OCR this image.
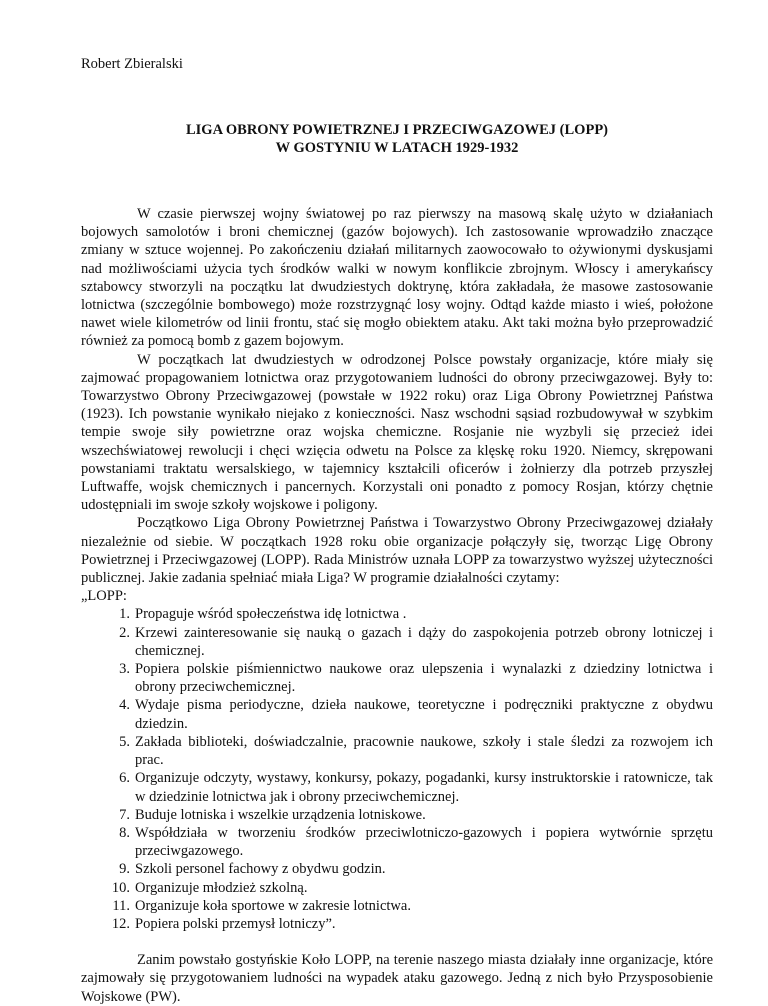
Robert Zbieralski

LIGA OBRONY POWIETRZNEJ I PRZECIWGAZOWEJ (LOPP)
W GOSTYNIU W LATACH 1929-1932

W czasie pierwszej wojny światowej po raz pierwszy na masową skalę użyto w działaniach bojowych samolotów i broni chemicznej (gazów bojowych). Ich zastosowanie wprowadziło znaczące zmiany w sztuce wojennej. Po zakończeniu działań militarnych zaowocowało to ożywionymi dyskusjami nad możliwościami użycia tych środków walki w nowym konflikcie zbrojnym. Włoscy i amerykańscy sztabowcy stworzyli na początku lat dwudziestych doktrynę, która zakładała, że masowe zastosowanie lotnictwa (szczególnie bombowego) może rozstrzygnąć losy wojny. Odtąd każde miasto i wieś, położone nawet wiele kilometrów od linii frontu, stać się mogło obiektem ataku. Akt taki można było przeprowadzić również za pomocą bomb z gazem bojowym.

W początkach lat dwudziestych w odrodzonej Polsce powstały organizacje, które miały się zajmować propagowaniem lotnictwa oraz przygotowaniem ludności do obrony przeciwgazowej. Były to: Towarzystwo Obrony Przeciwgazowej (powstałe w 1922 roku) oraz Liga Obrony Powietrznej Państwa (1923). Ich powstanie wynikało niejako z konieczności. Nasz wschodni sąsiad rozbudowywał w szybkim tempie swoje siły powietrzne oraz wojska chemiczne. Rosjanie nie wyzbyli się przecież idei wszechświatowej rewolucji i chęci wzięcia odwetu na Polsce za klęskę roku 1920. Niemcy, skrępowani powstaniami traktatu wersalskiego, w tajemnicy kształcili oficerów i żołnierzy dla potrzeb przyszłej Luftwaffe, wojsk chemicznych i pancernych. Korzystali oni ponadto z pomocy Rosjan, którzy chętnie udostępniali im swoje szkoły wojskowe i poligony.

Początkowo Liga Obrony Powietrznej Państwa i Towarzystwo Obrony Przeciwgazowej działały niezależnie od siebie. W początkach 1928 roku obie organizacje połączyły się, tworząc Ligę Obrony Powietrznej i Przeciwgazowej (LOPP). Rada Ministrów uznała LOPP za towarzystwo wyższej użyteczności publicznej. Jakie zadania spełniać miała Liga? W programie działalności czytamy:

„LOPP:

1. Propaguje wśród społeczeństwa idę lotnictwa .
2. Krzewi zainteresowanie się nauką o gazach i dąży do zaspokojenia potrzeb obrony lotniczej i chemicznej.
3. Popiera polskie piśmiennictwo naukowe oraz ulepszenia i wynalazki z dziedziny lotnictwa i obrony przeciwchemicznej.
4. Wydaje pisma periodyczne, dzieła naukowe, teoretyczne i podręczniki praktyczne z obydwu dziedzin.
5. Zakłada biblioteki, doświadczalnie, pracownie naukowe, szkoły i stale śledzi za rozwojem ich prac.
6. Organizuje odczyty, wystawy, konkursy, pokazy, pogadanki, kursy instruktorskie i ratownicze, tak w dziedzinie lotnictwa jak i obrony przeciwchemicznej.
7. Buduje lotniska i wszelkie urządzenia lotniskowe.
8. Współdziała w tworzeniu środków przeciwlotniczo-gazowych i popiera wytwórnie sprzętu przeciwgazowego.
9. Szkoli personel fachowy z obydwu godzin.
10. Organizuje młodzież szkolną.
11. Organizuje koła sportowe w zakresie lotnictwa.
12. Popiera polski przemysł lotniczy”.

Zanim powstało gostyńskie Koło LOPP, na terenie naszego miasta działały inne organizacje, które zajmowały się przygotowaniem ludności na wypadek ataku gazowego. Jedną z nich było Przysposobienie Wojskowe (PW).
